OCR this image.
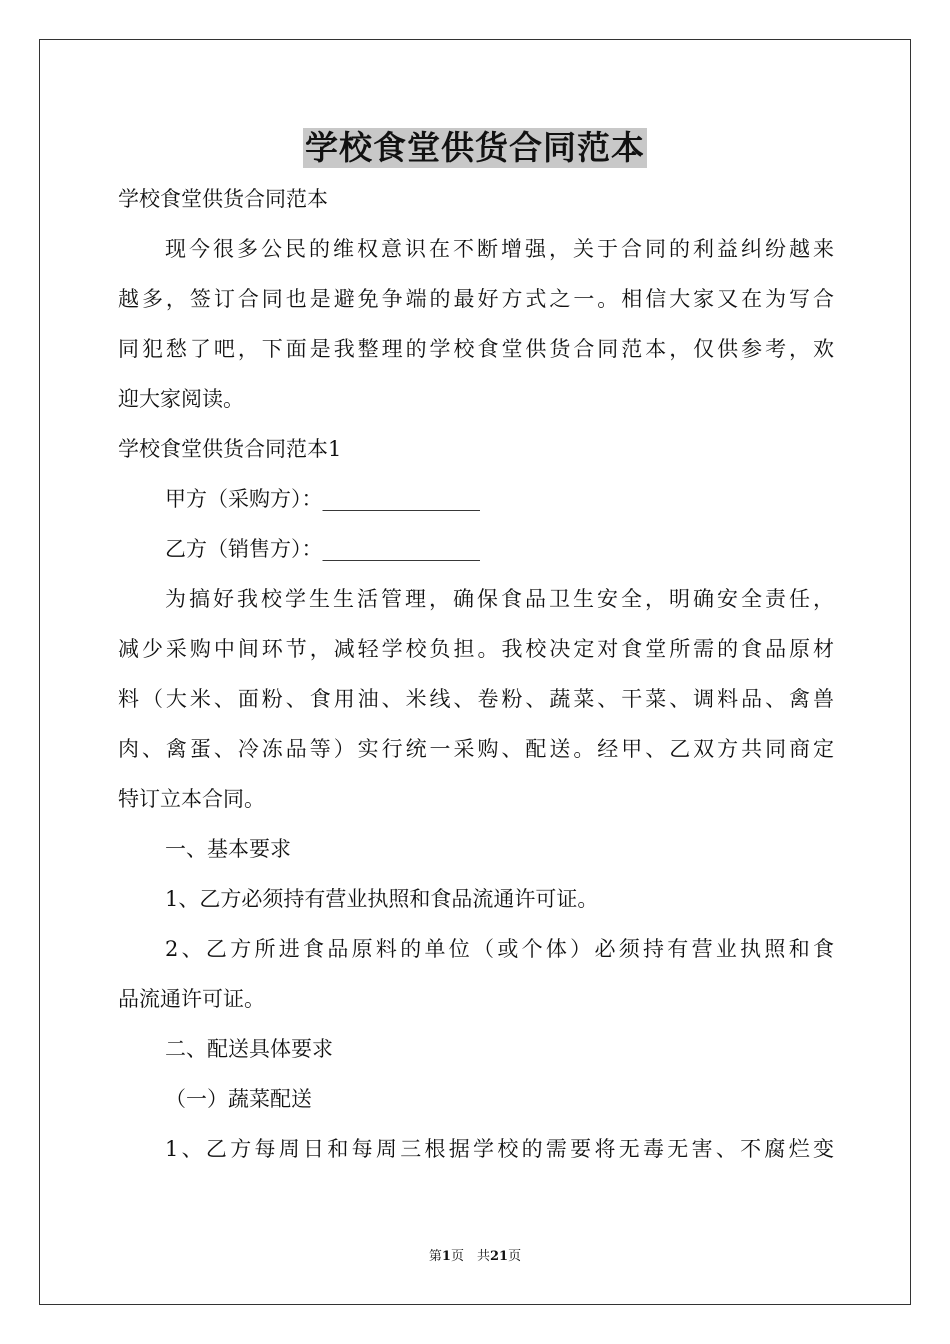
学校食堂供货合同范本
学校食堂供货合同范本
现今很多公民的维权意识在不断增强，关于合同的利益纠纷越来
越多，签订合同也是避免争端的最好方式之一。相信大家又在为写合
同犯愁了吧，下面是我整理的学校食堂供货合同范本，仅供参考，欢
迎大家阅读。
学校食堂供货合同范本1
甲方（采购方）：_______________
乙方（销售方）：_______________
为搞好我校学生生活管理，确保食品卫生安全，明确安全责任，
减少采购中间环节，减轻学校负担。我校决定对食堂所需的食品原材
料（大米、面粉、食用油、米线、卷粉、蔬菜、干菜、调料品、禽兽
肉、禽蛋、冷冻品等）实行统一采购、配送。经甲、乙双方共同商定
特订立本合同。
一、基本要求
1、乙方必须持有营业执照和食品流通许可证。
2、乙方所进食品原料的单位（或个体）必须持有营业执照和食
品流通许可证。
二、配送具体要求
（一）蔬菜配送
1、乙方每周日和每周三根据学校的需要将无毒无害、不腐烂变
第1页　共21页
